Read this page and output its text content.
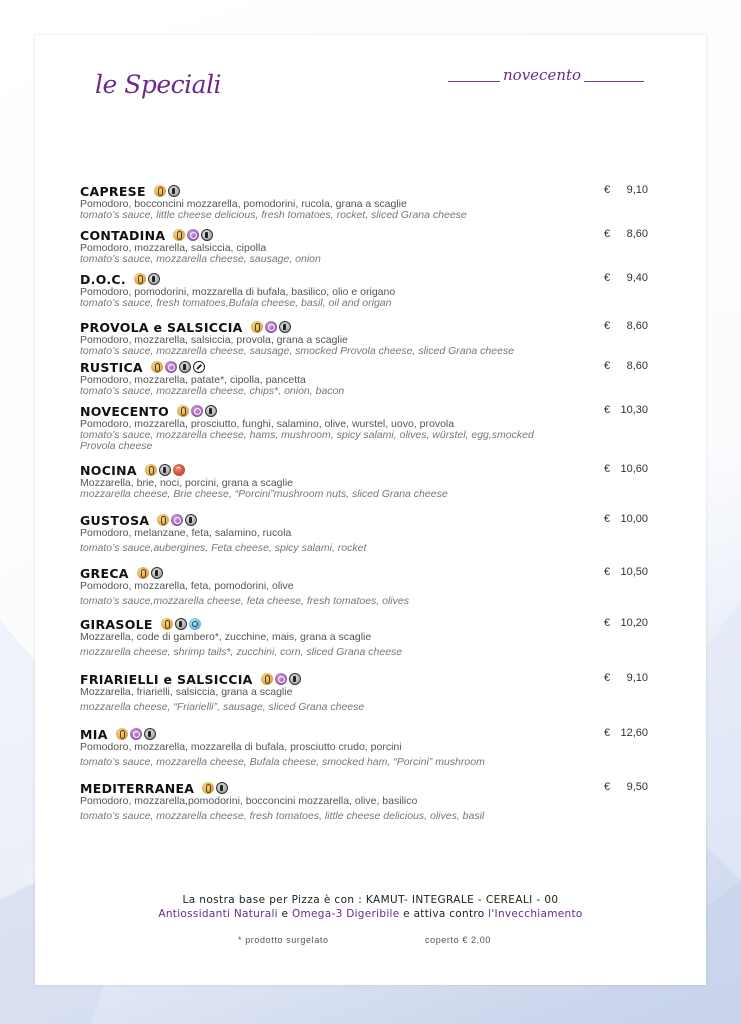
le Speciali	novecento
CAPRESE
Pomodoro, bocconcini mozzarella, pomodorini, rucola, grana a scaglie
tomato’s sauce, little cheese delicious, fresh tomatoes, rocket, sliced Grana cheese
€ 9,10
CONTADINA
Pomodoro, mozzarella, salsiccia, cipolla
tomato’s sauce, mozzarella cheese, sausage, onion
€ 8,60
D.O.C.
Pomodoro, pomodorini, mozzarella di bufala, basilico, olio e origano
tomato’s sauce, fresh tomatoes,Bufala cheese, basil, oil and origan
€ 9,40
PROVOLA e SALSICCIA
Pomodoro, mozzarella, salsiccia, provola, grana a scaglie
tomato’s sauce, mozzarella cheese, sausage, smocked Provola cheese, sliced Grana cheese
€ 8,60
RUSTICA
Pomodoro, mozzarella, patate*, cipolla, pancetta
tomato’s sauce, mozzarella cheese, chips*, onion, bacon
€ 8,60
NOVECENTO
Pomodoro, mozzarella, prosciutto, funghi, salamino, olive, wurstel, uovo, provola
tomato’s sauce, mozzarella cheese, hams, mushroom, spicy salami, olives, würstel, egg,smocked Provola cheese
€ 10,30
NOCINA
Mozzarella, brie, noci, porcini, grana a scaglie
mozzarella cheese, Brie cheese, “Porcini”mushroom nuts, sliced Grana cheese
€ 10,60
GUSTOSA
Pomodoro, melanzane, feta, salamino, rucola
tomato’s sauce,aubergines, Feta cheese, spicy salami, rocket
€ 10,00
GRECA
Pomodoro, mozzarella, feta, pomodorini, olive
tomato’s sauce,mozzarella cheese, feta cheese, fresh tomatoes, olives
€ 10,50
GIRASOLE
Mozzarella, code di gambero*, zucchine, mais, grana a scaglie
mozzarella cheese, shrimp tails*, zucchini, corn, sliced Grana cheese
€ 10,20
FRIARIELLI e SALSICCIA
Mozzarella, friarielli, salsiccia, grana a scaglie
mozzarella cheese, “Friarielli”, sausage, sliced Grana cheese
€ 9,10
MIA
Pomodoro, mozzarella, mozzarella di bufala, prosciutto crudo, porcini
tomato’s sauce, mozzarella cheese, Bufala cheese, smocked ham, “Porcini” mushroom
€ 12,60
MEDITERRANEA
Pomodoro, mozzarella,pomodorini, bocconcini mozzarella, olive, basilico
tomato’s sauce, mozzarella cheese, fresh tomatoes, little cheese delicious, olives, basil
€ 9,50
La nostra base per Pizza è con : KAMUT- INTEGRALE - CEREALI - 00
Antiossidanti Naturali e Omega-3 Digeribile e attiva contro l'Invecchiamento
* prodotto surgelato	coperto € 2,00
